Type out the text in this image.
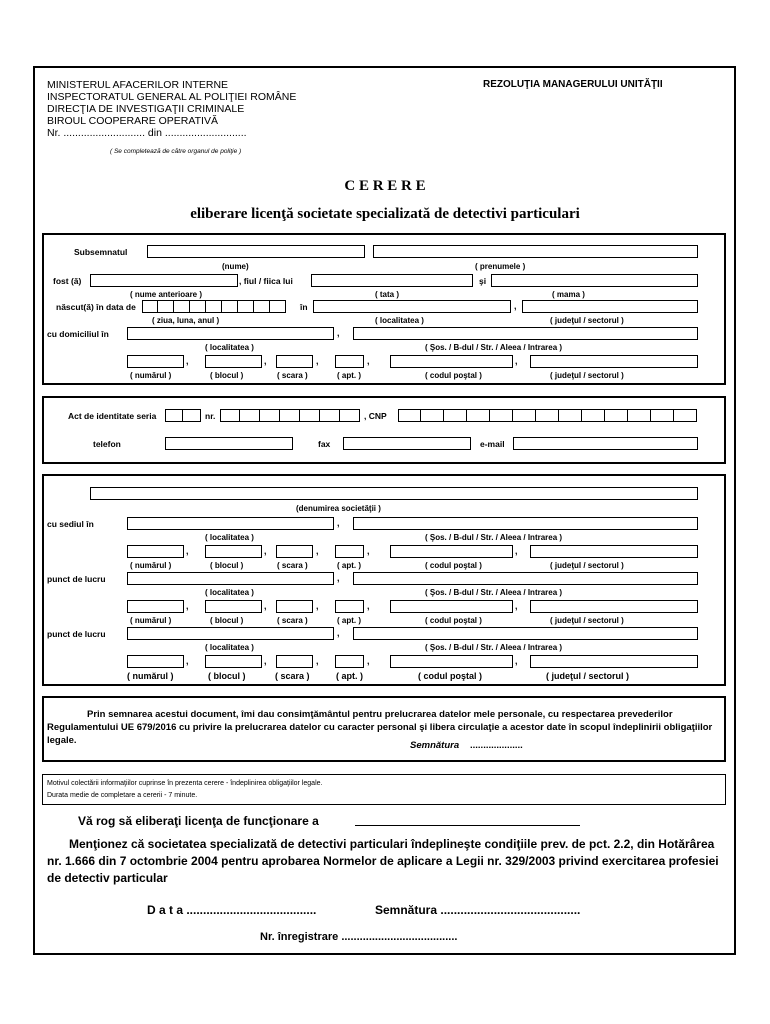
MINISTERUL AFACERILOR INTERNE
INSPECTORATUL GENERAL AL POLIŢIEI ROMÂNE
DIRECŢIA DE INVESTIGAŢII CRIMINALE
BIROUL COOPERARE OPERATIVĂ
Nr. ............................ din ............................
( Se completează de către organul de poliţie )
REZOLUŢIA MANAGERULUI UNITĂŢII
C E R E R E
eliberare licenţă societate specializată de detectivi particulari
Subsemnatul
(nume)	( prenumele )
fost (ă)	, fiul / fiica lui	şi
( nume anterioare )	( tata )	( mama )
născut(ă) în data de	în	,
( ziua, luna, anul )	( localitatea )	( judeţul / sectorul )
cu domiciliul în	,
( localitatea )	( Şos. / B-dul / Str. / Aleea / Intrarea )
,	,	,	,	,
( numărul )	( blocul )	( scara )	( apt. )	( codul poştal )	( judeţul / sectorul )
Act de identitate seria	nr.	, CNP
telefon	fax	e-mail
(denumirea societăţii )
cu sediul în	,
( localitatea )	( Şos. / B-dul / Str. / Aleea / Intrarea )
,	,	,	,	,
( numărul )	( blocul )	( scara )	( apt. )	( codul poştal )	( judeţul / sectorul )
punct de lucru	,
( localitatea )	( Şos. / B-dul / Str. / Aleea / Intrarea )
,	,	,	,	,
( numărul )	( blocul )	( scara )	( apt. )	( codul poştal )	( judeţul / sectorul )
punct de lucru	,
( localitatea )	( Şos. / B-dul / Str. / Aleea / Intrarea )
,	,	,	,	,
( numărul )	( blocul )	( scara )	( apt. )	( codul poştal )	( judeţul / sectorul )
Prin semnarea acestui document, îmi dau consimţământul pentru prelucrarea datelor mele personale, cu respectarea prevederilor Regulamentului UE 679/2016 cu privire la prelucrarea datelor cu caracter personal şi libera circulaţie a acestor date în scopul îndeplinirii obligaţiilor legale.	Semnătura ....................
Motivul colectării informaţiilor cuprinse în prezenta cerere - îndeplinirea obligaţiilor legale.
Durata medie de completare a cererii - 7 minute.
Vă rog să eliberaţi licenţa de funcţionare a
Menţionez că societatea specializată de detectivi particulari îndeplineşte condiţiile prev. de pct. 2.2, din Hotărârea nr. 1.666 din 7 octombrie 2004 pentru aprobarea Normelor de aplicare a Legii nr. 329/2003 privind exercitarea profesiei de detectiv particular
D a t a .......................................	Semnătura ..........................................
Nr. înregistrare ......................................
